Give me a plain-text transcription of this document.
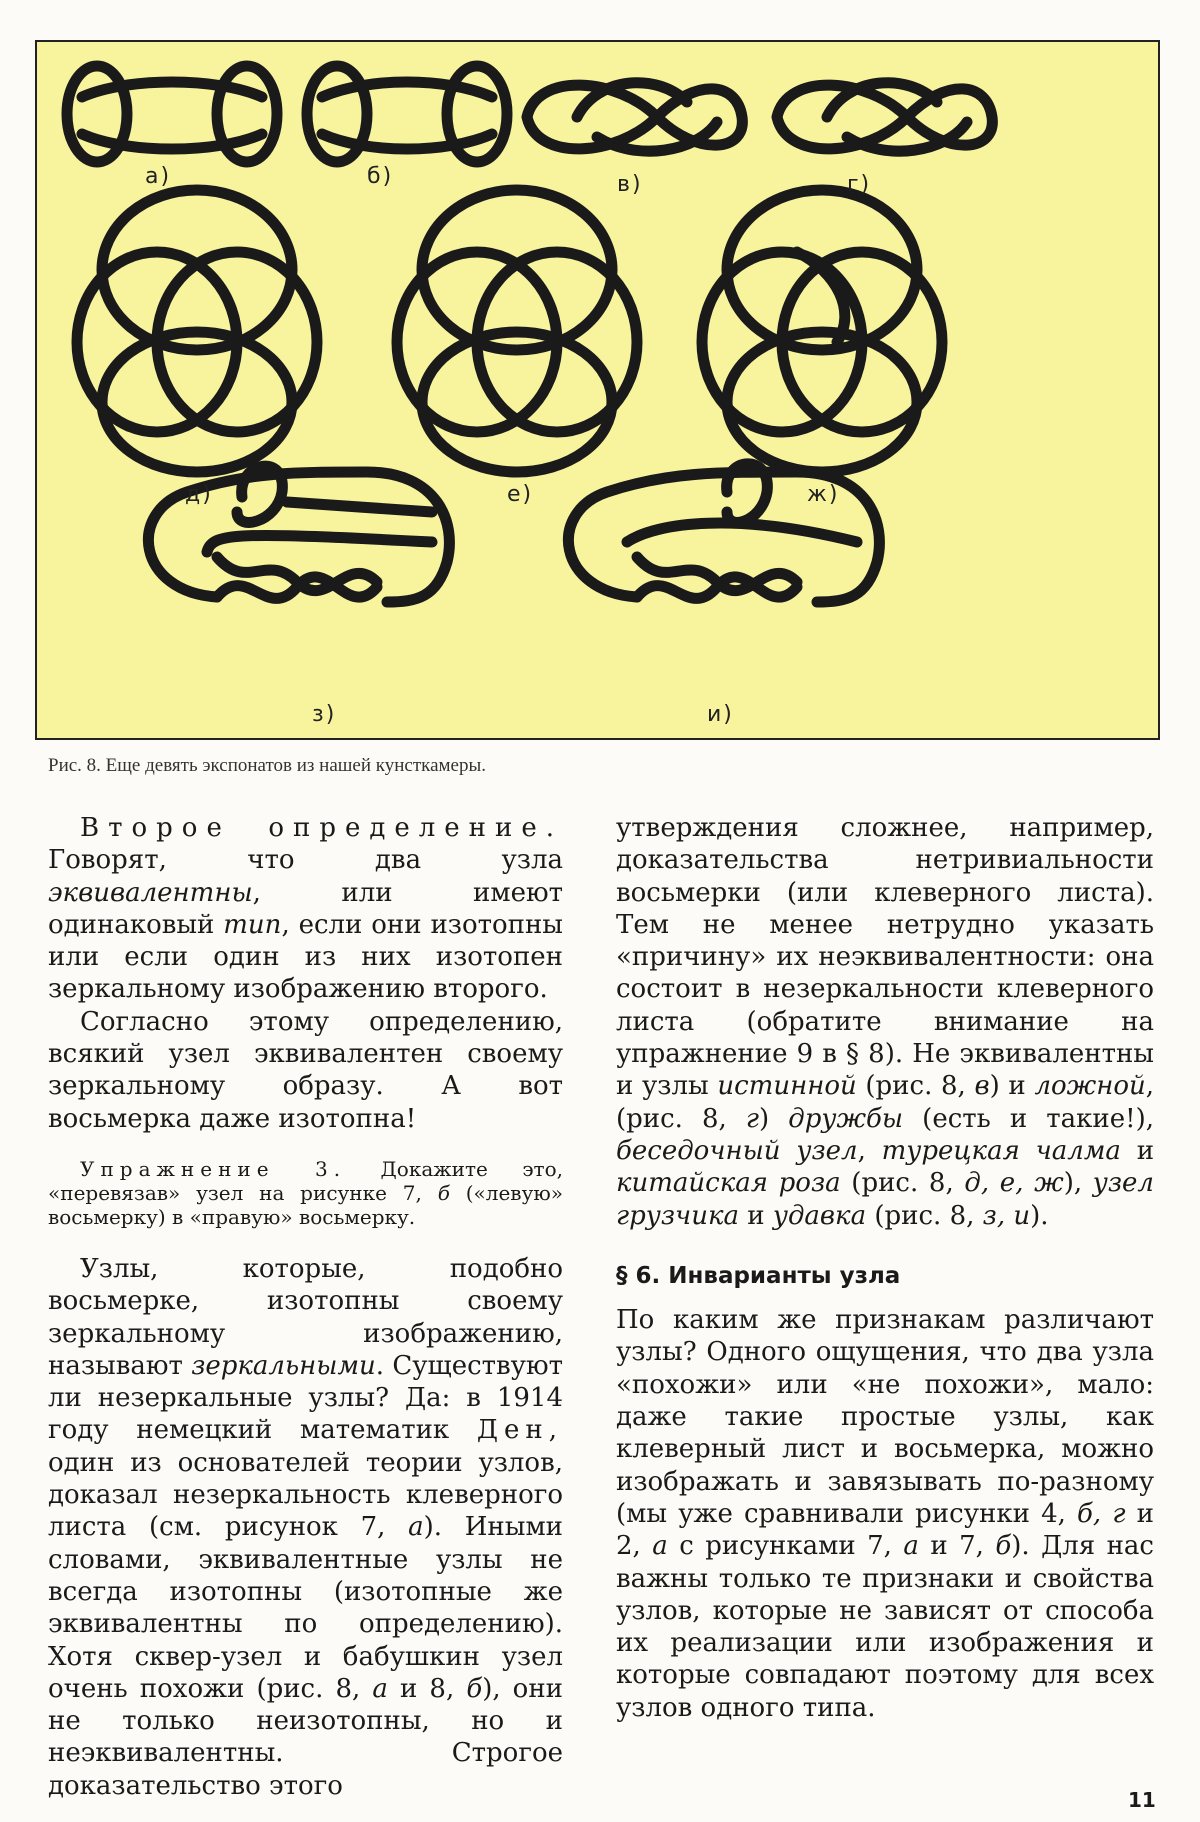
а)	б)	в)	г)
д)	е)	ж)
з)	и)
Рис. 8. Еще девять экспонатов из нашей кунсткамеры.

Второе определение. Говорят, что два узла эквивалентны, или имеют одинаковый тип, если они изотопны или если один из них изотопен зеркальному изображению второго.

Согласно этому определению, всякий узел эквивалентен своему зеркальному образу. А вот восьмерка даже изотопна!

Упражнение 3. Докажите это, «перевязав» узел на рисунке 7, б («левую» восьмерку) в «правую» восьмерку.

Узлы, которые, подобно восьмерке, изотопны своему зеркальному изображению, называют зеркальными. Существуют ли незеркальные узлы? Да: в 1914 году немецкий математик Ден, один из основателей теории узлов, доказал незеркальность клеверного листа (см. рисунок 7, а). Иными словами, эквивалентные узлы не всегда изотопны (изотопные же эквивалентны по определению). Хотя сквер-узел и бабушкин узел очень похожи (рис. 8, а и 8, б), они не только неизотопны, но и неэквивалентны. Строгое доказательство этого

утверждения сложнее, например, доказательства нетривиальности восьмерки (или клеверного листа). Тем не менее нетрудно указать «причину» их неэквивалентности: она состоит в незеркальности клеверного листа (обратите внимание на упражнение 9 в § 8). Не эквивалентны и узлы истинной (рис. 8, в) и ложной, (рис. 8, г) дружбы (есть и такие!), беседочный узел, турецкая чалма и китайская роза (рис. 8, д, е, ж), узел грузчика и удавка (рис. 8, з, и).

§ 6. Инварианты узла

По каким же признакам различают узлы? Одного ощущения, что два узла «похожи» или «не похожи», мало: даже такие простые узлы, как клеверный лист и восьмерка, можно изображать и завязывать по-разному (мы уже сравнивали рисунки 4, б, г и 2, а с рисунками 7, а и 7, б). Для нас важны только те признаки и свойства узлов, которые не зависят от способа их реализации или изображения и которые совпадают поэтому для всех узлов одного типа.

11
